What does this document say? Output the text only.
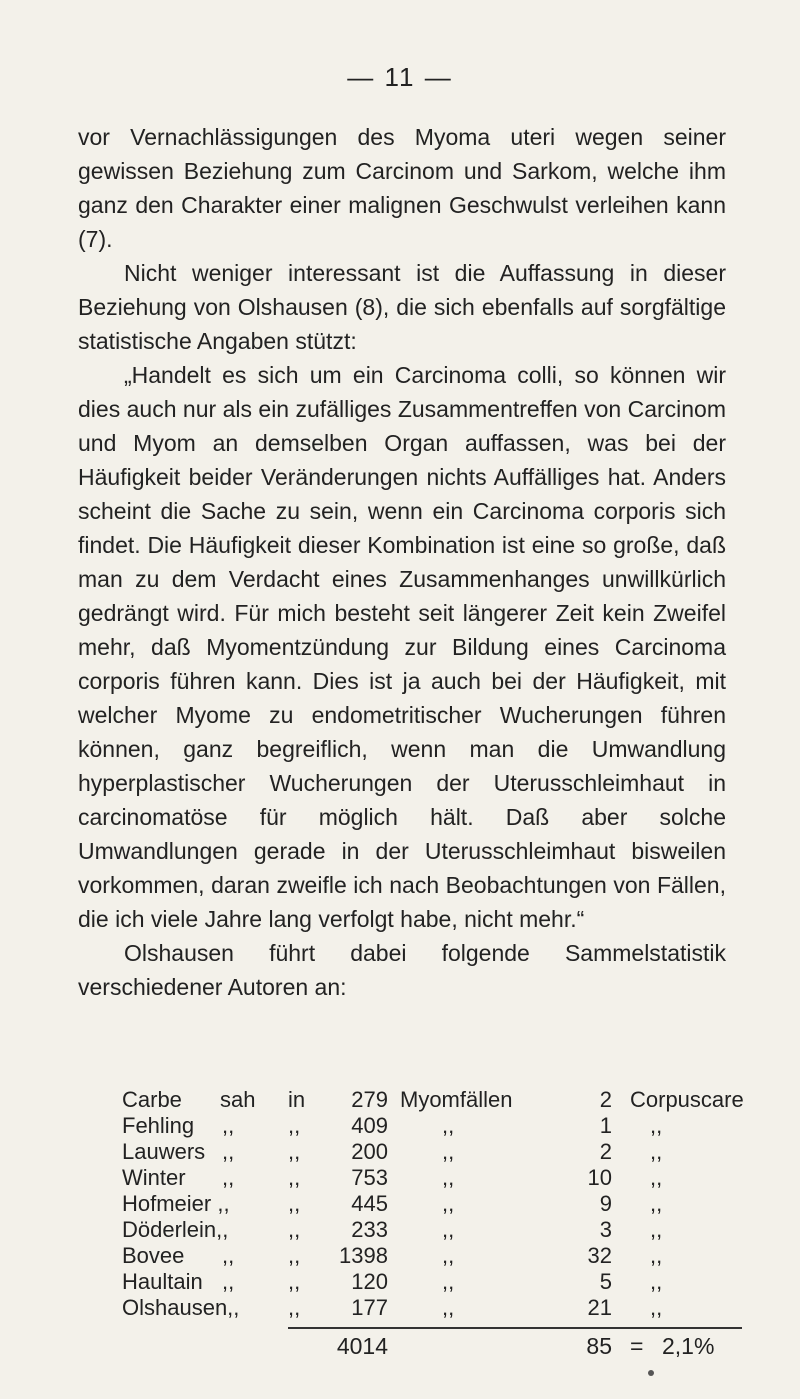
— 11 —

vor Vernachlässigungen des Myoma uteri wegen seiner gewissen Beziehung zum Carcinom und Sarkom, welche ihm ganz den Charakter einer malignen Geschwulst verleihen kann (7).

Nicht weniger interessant ist die Auffassung in dieser Beziehung von Olshausen (8), die sich ebenfalls auf sorgfältige statistische Angaben stützt:

„Handelt es sich um ein Carcinoma colli, so können wir dies auch nur als ein zufälliges Zusammentreffen von Carcinom und Myom an demselben Organ auffassen, was bei der Häufigkeit beider Veränderungen nichts Auffälliges hat. Anders scheint die Sache zu sein, wenn ein Carcinoma corporis sich findet. Die Häufigkeit dieser Kombination ist eine so große, daß man zu dem Verdacht eines Zusammenhanges unwillkürlich gedrängt wird. Für mich besteht seit längerer Zeit kein Zweifel mehr, daß Myomentzündung zur Bildung eines Carcinoma corporis führen kann. Dies ist ja auch bei der Häufigkeit, mit welcher Myome zu endometritischer Wucherungen führen können, ganz begreiflich, wenn man die Umwandlung hyperplastischer Wucherungen der Uterusschleimhaut in carcinomatöse für möglich hält. Daß aber solche Umwandlungen gerade in der Uterusschleimhaut bisweilen vorkommen, daran zweifle ich nach Beobachtungen von Fällen, die ich viele Jahre lang verfolgt habe, nicht mehr.“

Olshausen führt dabei folgende Sammelstatistik verschiedener Autoren an:

Carbe sah in	279 Myomfällen	2 Corpuscare
Fehling ,,	,,	409 ,,	1 ,,
Lauwers ,,	,,	200 ,,	2 ,,
Winter ,,	,,	753 ,,	10 ,,
Hofmeier ,,	,,	445 ,,	9 ,,
Döderlein,,	,,	233 ,,	3 ,,
Bovee ,,	,,	1398 ,,	32 ,,
Haultain ,,	,,	120 ,,	5 ,,
Olshausen,, ,,	177 ,,	21 ,,
4014	85 = 2,1%
